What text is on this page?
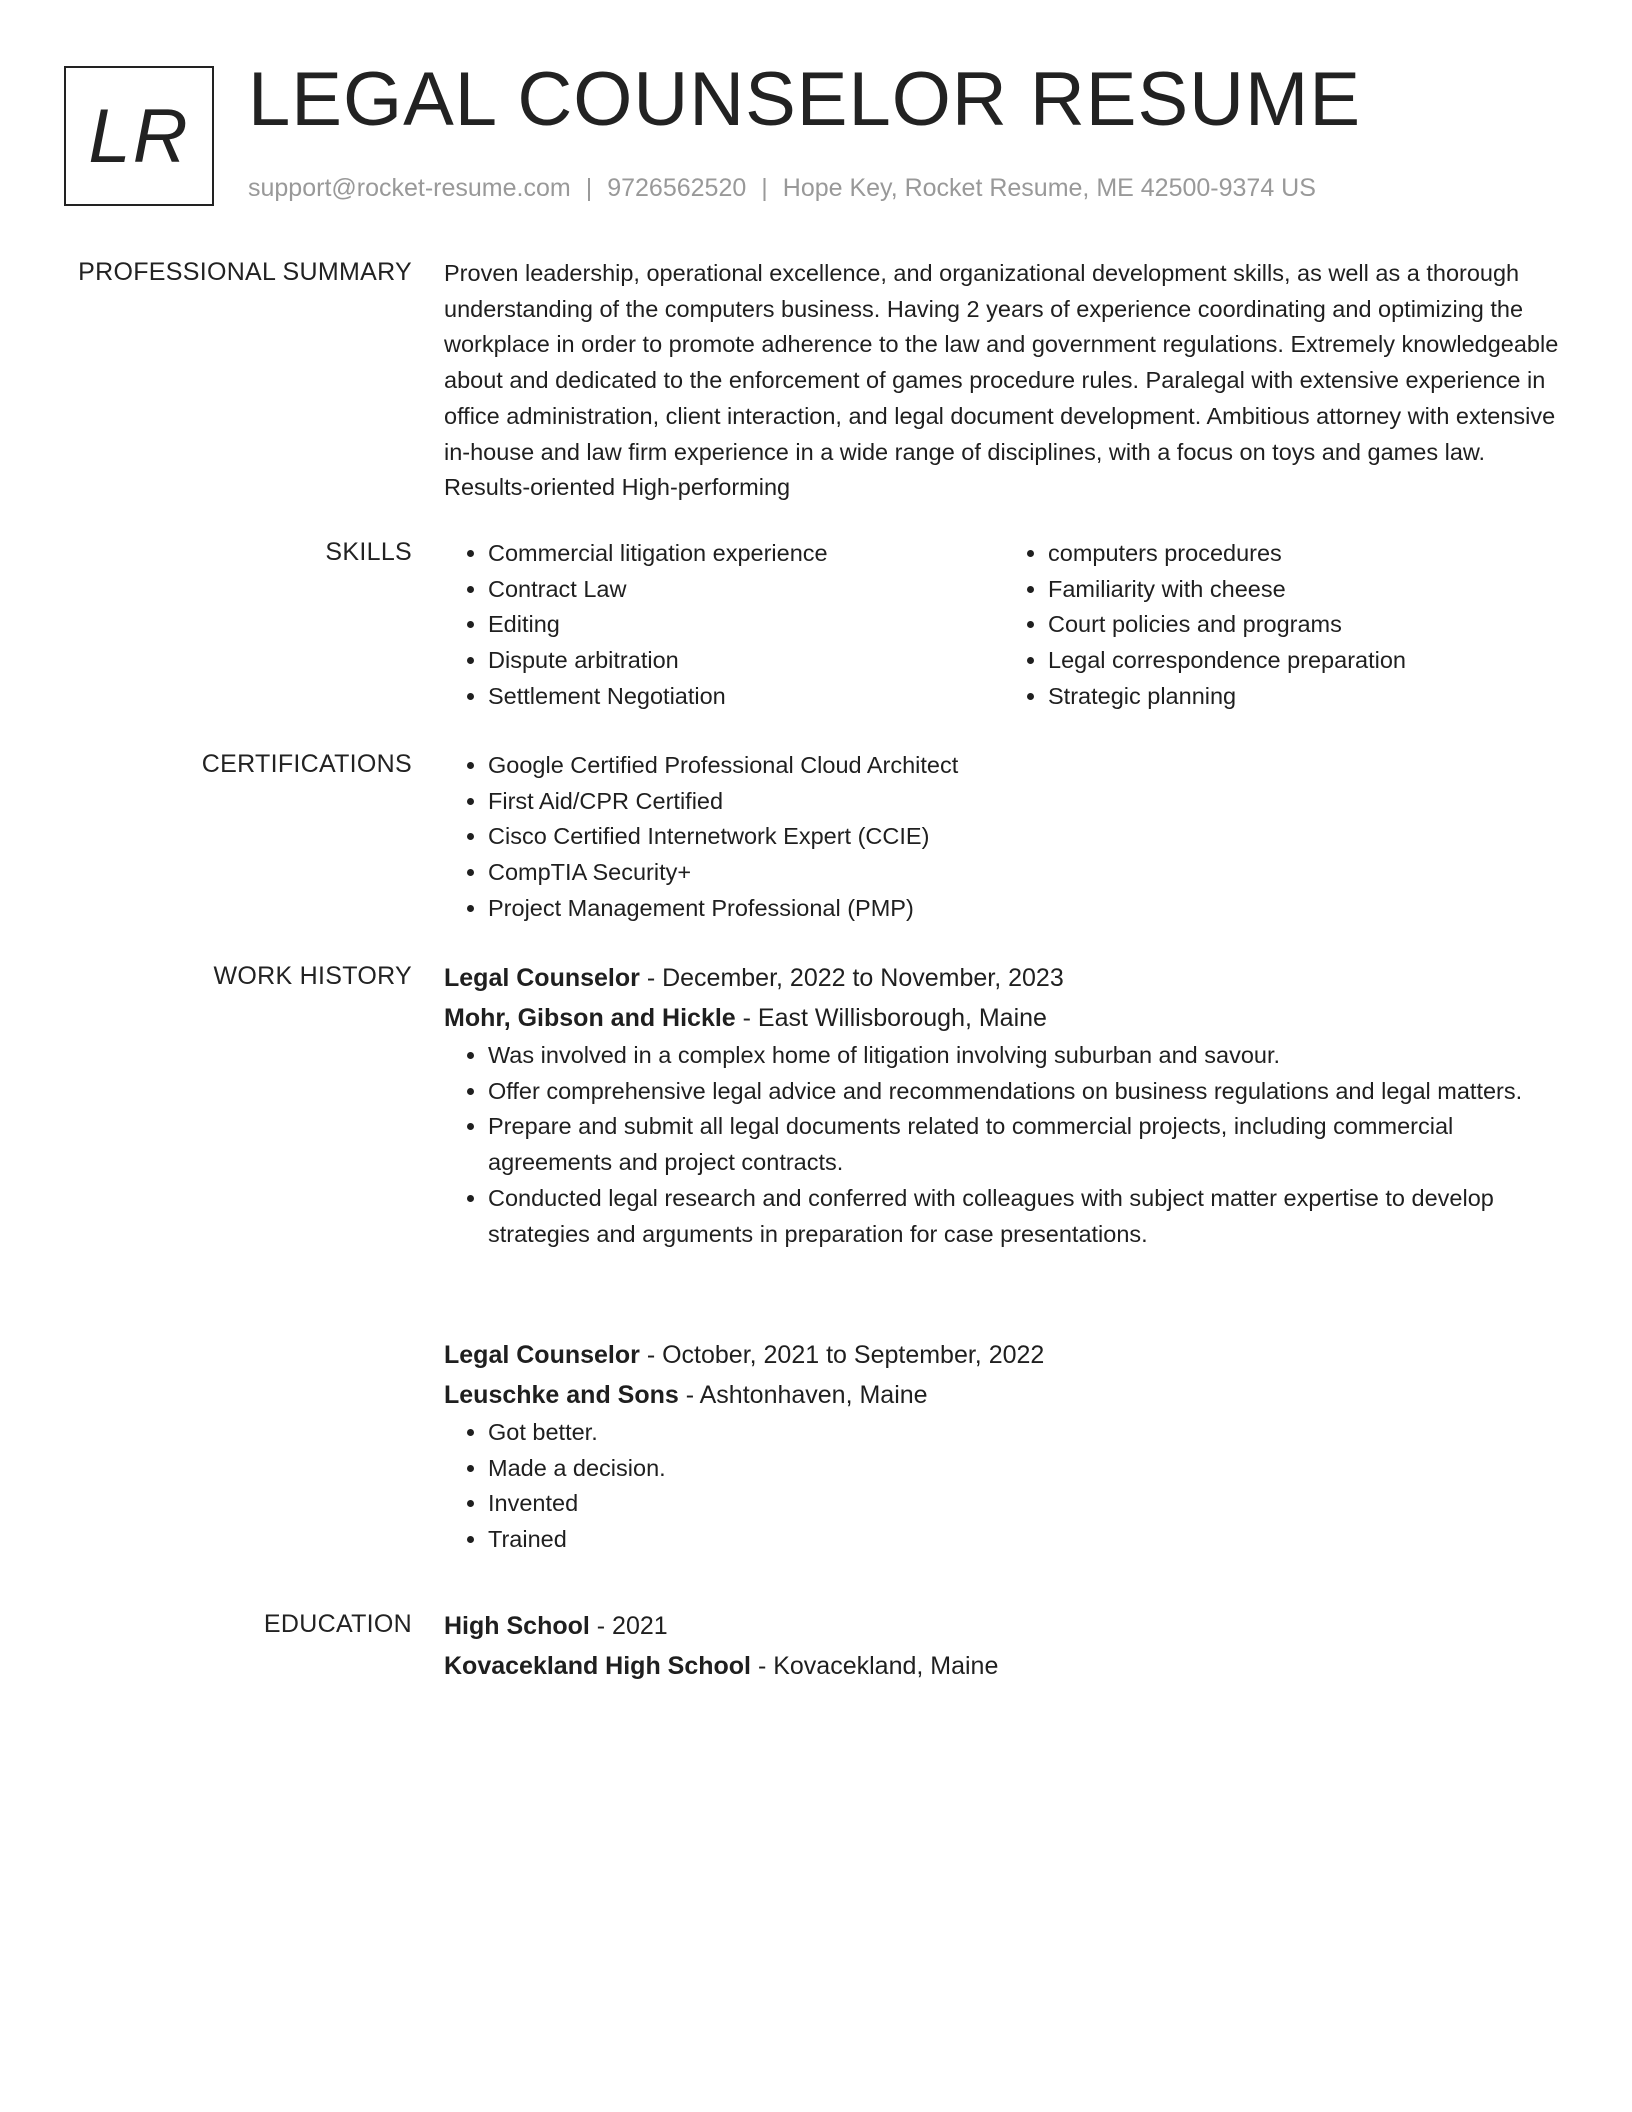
LR LEGAL COUNSELOR RESUME
support@rocket-resume.com | 9726562520 | Hope Key, Rocket Resume, ME 42500-9374 US
PROFESSIONAL SUMMARY Proven leadership, operational excellence, and organizational development skills, as well as a thorough understanding of the computers business. Having 2 years of experience coordinating and optimizing the workplace in order to promote adherence to the law and government regulations. Extremely knowledgeable about and dedicated to the enforcement of games procedure rules. Paralegal with extensive experience in office administration, client interaction, and legal document development. Ambitious attorney with extensive in-house and law firm experience in a wide range of disciplines, with a focus on toys and games law. Results-oriented High-performing

SKILLS	• Commercial litigation experience
• Contract Law
• Editing
• Dispute arbitration
• Settlement Negotiation
• computers procedures
• Familiarity with cheese
• Court policies and programs
• Legal correspondence preparation
• Strategic planning
CERTIFICATIONS	• Google Certified Professional Cloud Architect
• First Aid/CPR Certified
• Cisco Certified Internetwork Expert (CCIE)
• CompTIA Security+
• Project Management Professional (PMP)
WORK HISTORY Legal Counselor - December, 2022 to November, 2023
Mohr, Gibson and Hickle - East Willisborough, Maine
• Was involved in a complex home of litigation involving suburban and savour.
• Offer comprehensive legal advice and recommendations on business regulations and legal matters.
• Prepare and submit all legal documents related to commercial projects, including commercial agreements and project contracts.
• Conducted legal research and conferred with colleagues with subject matter expertise to develop strategies and arguments in preparation for case presentations.
Legal Counselor - October, 2021 to September, 2022
Leuschke and Sons - Ashtonhaven, Maine
• Got better.
• Made a decision.
• Invented
• Trained
EDUCATION High School - 2021
Kovacekland High School - Kovacekland, Maine
